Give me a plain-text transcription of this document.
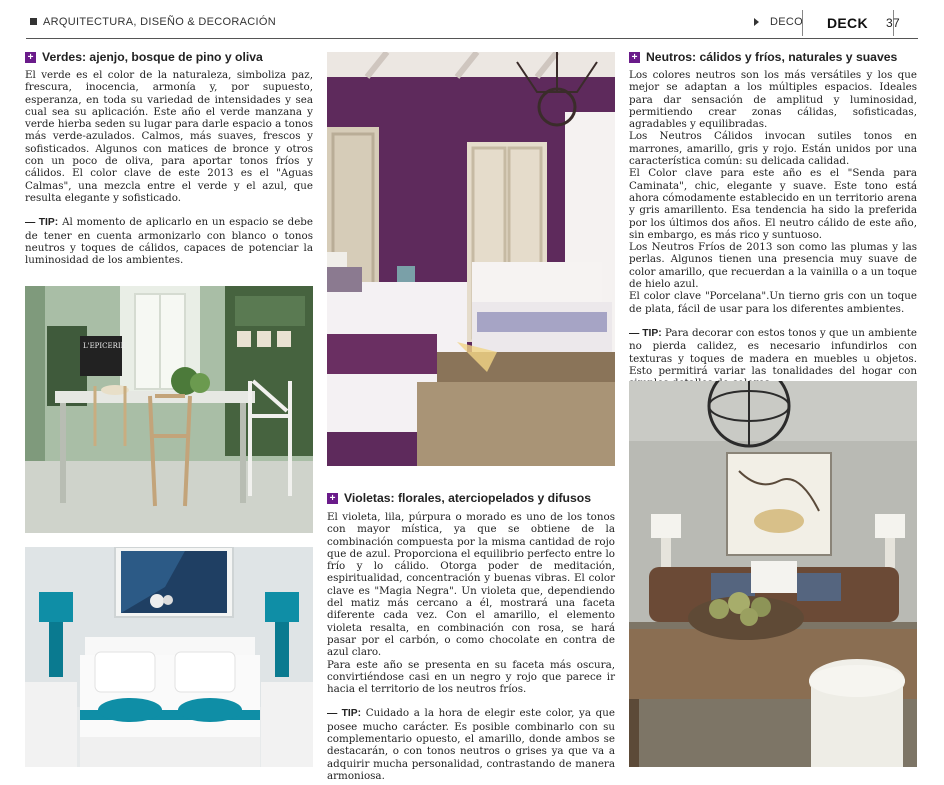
ARQUITECTURA, DISEÑO & DECORACIÓN	DECO	DECK	37
+ Verdes: ajenjo, bosque de pino y oliva

El verde es el color de la naturaleza, simboliza paz, frescura, inocencia, armonía y, por supuesto, esperanza, en toda su variedad de intensidades y sea cual sea su aplicación. Este año el verde manzana y verde hierba seden su lugar para darle espacio a tonos más verde-azulados. Calmos, más suaves, frescos y sofisticados. Algunos con matices de bronce y otros con un poco de oliva, para aportar tonos fríos y cálidos. El color clave de este 2013 es el "Aguas Calmas", una mezcla entre el verde y el azul, que resulta elegante y sofisticado.

— TIP: Al momento de aplicarlo en un espacio se debe de tener en cuenta armonizarlo con blanco o tonos neutros y toques de cálidos, capaces de potenciar la luminosidad de los ambientes.

L'EPICERIE
+ Violetas: florales, aterciopelados y difusos

El violeta, lila, púrpura o morado es uno de los tonos con mayor mística, ya que se obtiene de la combinación compuesta por la misma cantidad de rojo que de azul. Proporciona el equilibrio perfecto entre lo frío y lo cálido. Otorga poder de meditación, espiritualidad, concentración y buenas vibras. El color clave es "Magia Negra". Un violeta que, dependiendo del matiz más cercano a él, mostrará una faceta diferente cada vez. Con el amarillo, el elemento violeta resalta, en combinación con rosa, se hará pasar por el carbón, o como chocolate en contra de azul claro.

Para este año se presenta en su faceta más oscura, convirtiéndose casi en un negro y rojo que parece ir hacia el territorio de los neutros fríos.

— TIP: Cuidado a la hora de elegir este color, ya que posee mucho carácter. Es posible combinarlo con su complementario opuesto, el amarillo, donde ambos se destacarán, o con tonos neutros o grises ya que va a adquirir mucha personalidad, contrastando de manera armoniosa.

+ Neutros: cálidos y fríos, naturales y suaves

Los colores neutros son los más versátiles y los que mejor se adaptan a los múltiples espacios. Ideales para dar sensación de amplitud y luminosidad, permitiendo crear zonas cálidas, sofisticadas, agradables y equilibradas.

Los Neutros Cálidos invocan sutiles tonos en marrones, amarillo, gris y rojo. Están unidos por una característica común: su delicada calidad.

El Color clave para este año es el "Senda para Caminata", chic, elegante y suave. Este tono está ahora cómodamente establecido en un territorio arena y gris amarillento. Esa tendencia ha sido la preferida por los últimos dos años. El neutro cálido de este año, sin embargo, es más rico y suntuoso.

Los Neutros Fríos de 2013 son como las plumas y las perlas. Algunos tienen una presencia muy suave de color amarillo, que recuerdan a la vainilla o a un toque de hielo azul.

El color clave "Porcelana".Un tierno gris con un toque de plata, fácil de usar para los diferentes ambientes.

— TIP: Para decorar con estos tonos y que un ambiente no pierda calidez, es necesario infundirlos con texturas y toques de madera en muebles u objetos. Esto permitirá variar las tonalidades del hogar con
